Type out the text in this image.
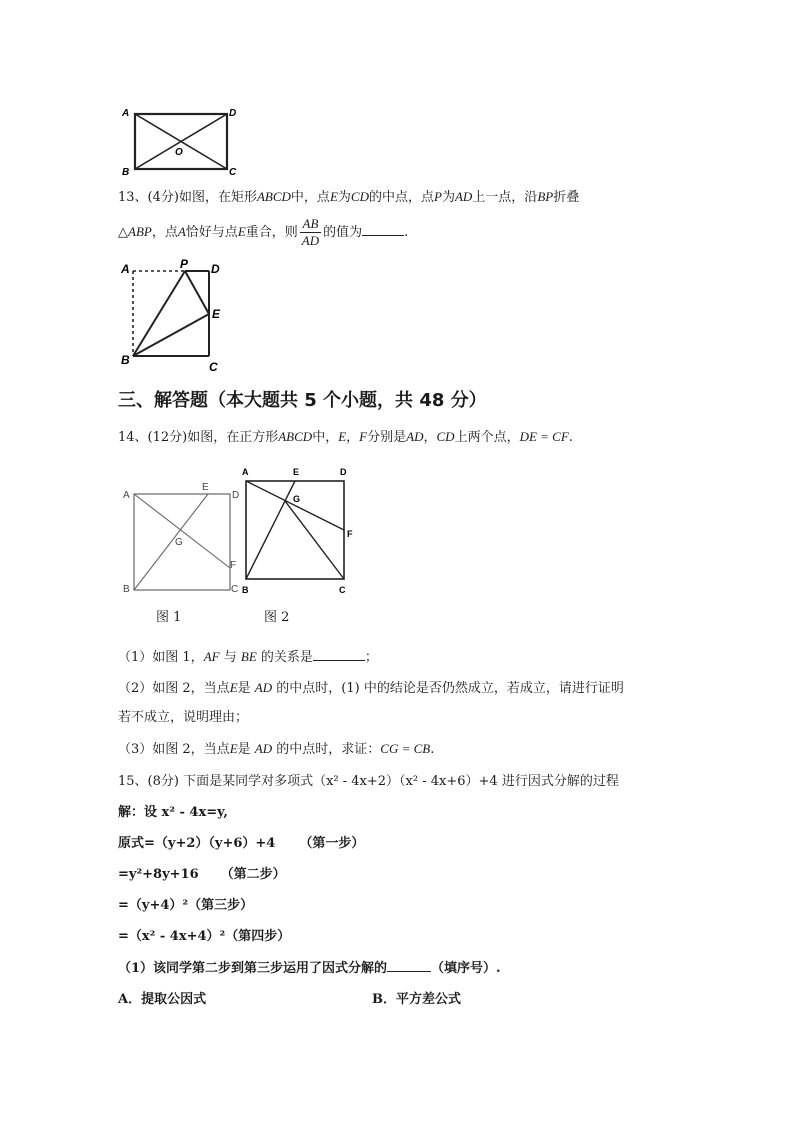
A	D
B	C
O
13、(4分)如图，在矩形ABCD中，点E为CD的中点，点P为AD上一点，沿BP折叠
△ABP，点A恰好与点E重合，则 $\frac{AB}{AD}$ 的值为	.
A	P D
E
B	C
三、解答题（本大题共 5 个小题，共 48 分）
14、(12分)如图，在正方形ABCD中，E，F分别是AD，CD上两个点，DE = CF.
A
E
D
G
F
B	C
图 1
A	E	D
G
F
B	C
图 2
（1）如图 1，AF 与 BE 的关系是	；
（2）如图 2，当点E是 AD 的中点时，(1) 中的结论是否仍然成立，若成立，请进行证明
若不成立，说明理由；
（3）如图 2，当点E是 AD 的中点时，求证：CG = CB.
15、(8分) 下面是某同学对多项式（x² - 4x+2）（x² - 4x+6）+4 进行因式分解的过程
解：设 x² - 4x=y,
原式=（y+2）（y+6）+4 （第一步）
=y²+8y+16 （第二步）
=（y+4）²（第三步）
=（x² - 4x+4）²（第四步）
（1）该同学第二步到第三步运用了因式分解的	（填序号）.
A．提取公因式	B．平方差公式
